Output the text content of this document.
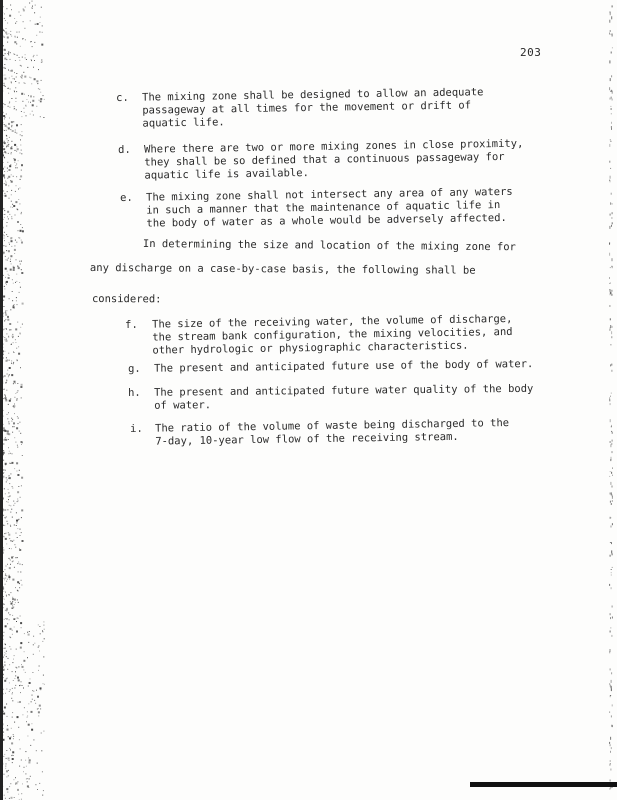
203
c. The mixing zone shall be designed to allow an adequate
passageway at all times for the movement or drift of
aquatic life.
d. Where there are two or more mixing zones in close proximity,
they shall be so defined that a continuous passageway for
aquatic life is available.
e. The mixing zone shall not intersect any area of any waters
in such a manner that the maintenance of aquatic life in
the body of water as a whole would be adversely affected.
In determining the size and location of the mixing zone for
any discharge on a case-by-case basis, the following shall be
considered:
f. The size of the receiving water, the volume of discharge,
the stream bank configuration, the mixing velocities, and
other hydrologic or physiographic characteristics.
g. The present and anticipated future use of the body of water.
h. The present and anticipated future water quality of the body
of water.
i. The ratio of the volume of waste being discharged to the
7-day, 10-year low flow of the receiving stream.
